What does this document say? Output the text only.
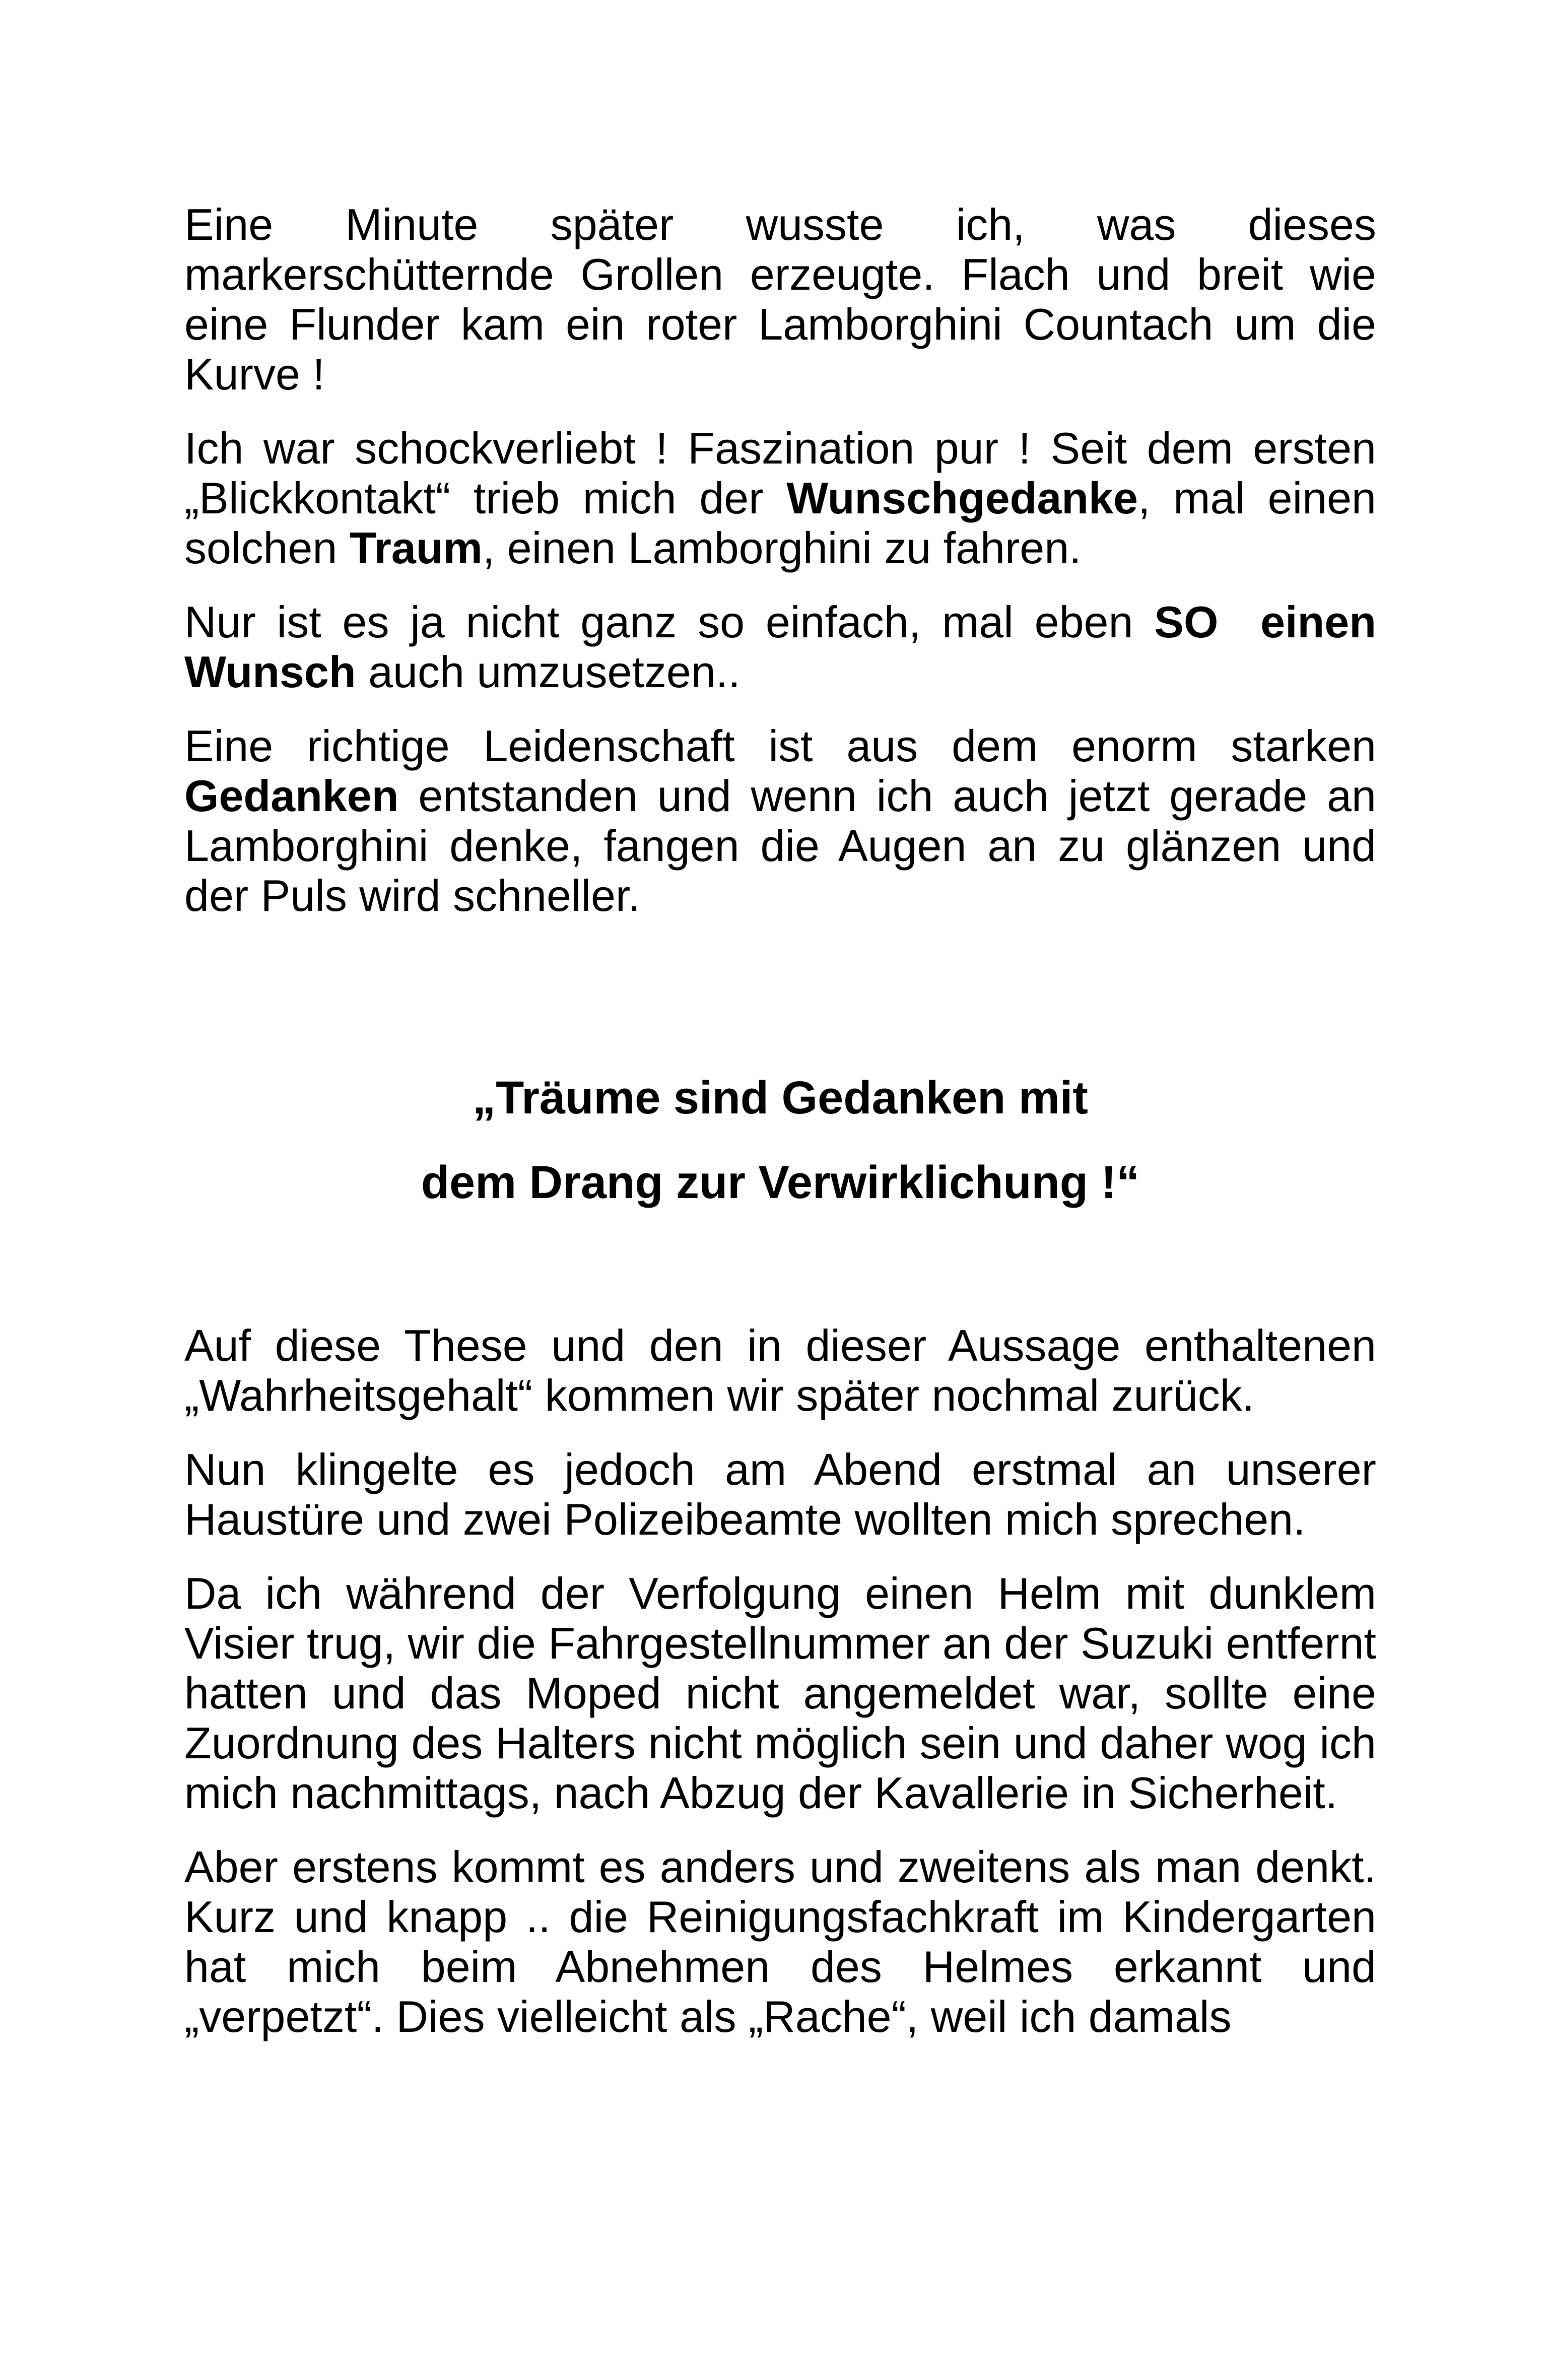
Eine Minute später wusste ich, was dieses markerschütternde Grollen erzeugte. Flach und breit wie eine Flunder kam ein roter Lamborghini Countach um die Kurve !

Ich war schockverliebt ! Faszination pur ! Seit dem ersten „Blickkontakt“ trieb mich der Wunschgedanke, mal einen solchen Traum, einen Lamborghini zu fahren.

Nur ist es ja nicht ganz so einfach, mal eben SO  einen Wunsch auch umzusetzen..

Eine richtige Leidenschaft ist aus dem enorm starken Gedanken entstanden und wenn ich auch jetzt gerade an Lamborghini denke, fangen die Augen an zu glänzen und der Puls wird schneller.

„Träume sind Gedanken mit
dem Drang zur Verwirklichung !“

Auf diese These und den in dieser Aussage enthaltenen „Wahrheitsgehalt“ kommen wir später nochmal zurück.

Nun klingelte es jedoch am Abend erstmal an unserer Haustüre und zwei Polizeibeamte wollten mich sprechen.

Da ich während der Verfolgung einen Helm mit dunklem Visier trug, wir die Fahrgestellnummer an der Suzuki entfernt hatten und das Moped nicht angemeldet war, sollte eine Zuordnung des Halters nicht möglich sein und daher wog ich mich nachmittags, nach Abzug der Kavallerie in Sicherheit.

Aber erstens kommt es anders und zweitens als man denkt. Kurz und knapp .. die Reinigungsfachkraft im Kindergarten hat mich beim Abnehmen des Helmes erkannt und „verpetzt“. Dies vielleicht als „Rache“, weil ich damals
